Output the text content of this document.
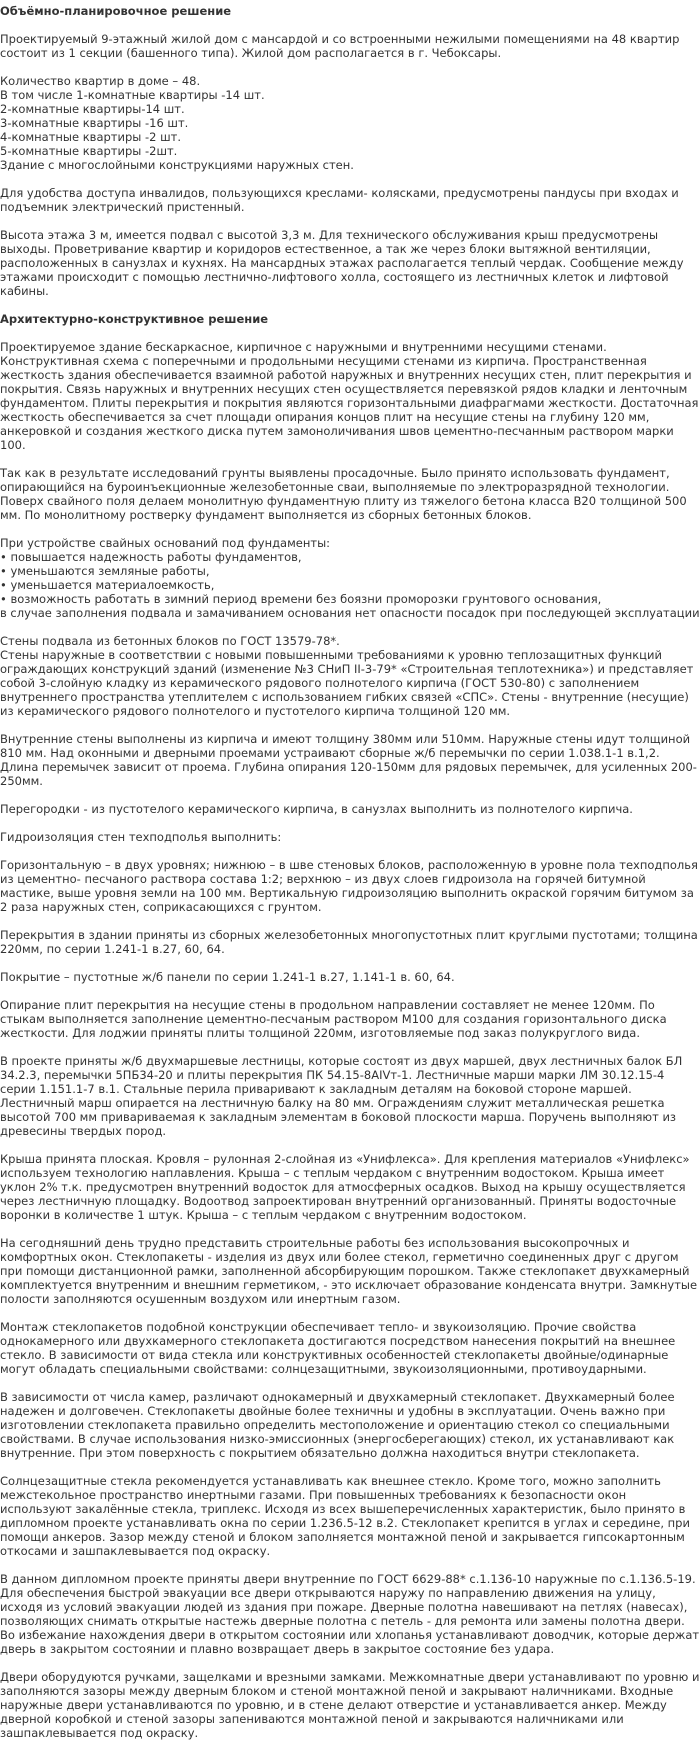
Объёмно-планировочное решение

Проектируемый 9-этажный жилой дом с мансардой и со встроенными нежилыми помещениями на 48 квартир состоит из 1 секции (башенного типа). Жилой дом располагается в г. Чебоксары.

Количество квартир в доме – 48.
В том числе 1-комнатные квартиры -14 шт.
2-комнатные квартиры-14 шт.
3-комнатные квартиры -16 шт.
4-комнатные квартиры -2 шт.
5-комнатные квартиры -2шт.
Здание с многослойными конструкциями наружных стен.

Для удобства доступа инвалидов, пользующихся креслами- колясками, предусмотрены пандусы при входах и подъемник электрический пристенный.

Высота этажа 3 м, имеется подвал с высотой 3,3 м. Для технического обслуживания крыш предусмотрены выходы. Проветривание квартир и коридоров естественное, а так же через блоки вытяжной вентиляции, расположенных в санузлах и кухнях. На мансардных этажах располагается теплый чердак. Сообщение между этажами происходит с помощью лестнично-лифтового холла, состоящего из лестничных клеток и лифтовой кабины.

Архитектурно-конструктивное решение

Проектируемое здание бескаркасное, кирпичное с наружными и внутренними несущими стенами. Конструктивная схема с поперечными и продольными несущими стенами из кирпича. Пространственная жесткость здания обеспечивается взаимной работой наружных и внутренних несущих стен, плит перекрытия и покрытия. Связь наружных и внутренних несущих стен осуществляется перевязкой рядов кладки и ленточным фундаментом. Плиты перекрытия и покрытия являются горизонтальными диафрагмами жесткости. Достаточная жесткость обеспечивается за счет площади опирания концов плит на несущие стены на глубину 120 мм, анкеровкой и создания жесткого диска путем замоноличивания швов цементно-песчанным раствором марки 100.

Так как в результате исследований грунты выявлены просадочные. Было принято использовать фундамент, опирающийся на буроинъекционные железобетонные сваи, выполняемые по электроразрядной технологии. Поверх свайного поля делаем монолитную фундаментную плиту из тяжелого бетона класса В20 толщиной 500 мм. По монолитному ростверку фундамент выполняется из сборных бетонных блоков.

При устройстве свайных оснований под фундаменты:
• повышается надежность работы фундаментов,
• уменьшаются земляные работы,
• уменьшается материалоемкость,
• возможность работать в зимний период времени без боязни проморозки грунтового основания,
в случае заполнения подвала и замачиванием основания нет опасности посадок при последующей эксплуатации

Стены подвала из бетонных блоков по ГОСТ 13579-78*.
Стены наружные в соответствии с новыми повышенными требованиями к уровню теплозащитных функций ограждающих конструкций зданий (изменение №3 СНиП II-3-79* «Строительная теплотехника») и представляет собой 3-слойную кладку из керамического рядового полнотелого кирпича (ГОСТ 530-80) с заполнением внутреннего пространства утеплителем с использованием гибких связей «СПС». Стены - внутренние (несущие) из керамического рядового полнотелого и пустотелого кирпича толщиной 120 мм.

Внутренние стены выполнены из кирпича и имеют толщину 380мм или 510мм. Наружные стены идут толщиной 810 мм. Над оконными и дверными проемами устраивают сборные ж/б перемычки по серии 1.038.1-1 в.1,2. Длина перемычек зависит от проема. Глубина опирания 120-150мм для рядовых перемычек, для усиленных 200-250мм.

Перегородки - из пустотелого керамического кирпича, в санузлах выполнить из полнотелого кирпича.

Гидроизоляция стен техподполья выполнить:

Горизонтальную – в двух уровнях; нижнюю – в шве стеновых блоков, расположенную в уровне пола техподполья из цементно- песчаного раствора состава 1:2; верхнюю – из двух слоев гидроизола на горячей битумной мастике, выше уровня земли на 100 мм. Вертикальную гидроизоляцию выполнить окраской горячим битумом за 2 раза наружных стен, соприкасающихся с грунтом.

Перекрытия в здании приняты из сборных железобетонных многопустотных плит круглыми пустотами; толщина 220мм, по серии 1.241-1 в.27, 60, 64.

Покрытие – пустотные ж/б панели по серии 1.241-1 в.27, 1.141-1 в. 60, 64.

Опирание плит перекрытия на несущие стены в продольном направлении составляет не менее 120мм. По стыкам выполняется заполнение цементно-песчаным раствором М100 для создания горизонтального диска жесткости. Для лоджии приняты плиты толщиной 220мм, изготовляемые под заказ полукруглого вида.

В проекте приняты ж/б двухмаршевые лестницы, которые состоят из двух маршей, двух лестничных балок БЛ 34.2.3, перемычки 5ПБ34-20 и плиты перекрытия ПК 54.15-8AIVт-1. Лестничные марши марки ЛМ 30.12.15-4 серии 1.151.1-7 в.1. Стальные перила приваривают к закладным деталям на боковой стороне маршей. Лестничный марш опирается на лестничную балку на 80 мм. Ограждениям служит металлическая решетка высотой 700 мм привариваемая к закладным элементам в боковой плоскости марша. Поручень выполняют из древесины твердых пород.

Крыша принята плоская. Кровля – рулонная 2-слойная из «Унифлекса». Для крепления материалов «Унифлекс» используем технологию наплавления. Крыша – с теплым чердаком с внутренним водостоком. Крыша имеет уклон 2% т.к. предусмотрен внутренний водосток для атмосферных осадков. Выход на крышу осуществляется через лестничную площадку. Водоотвод запроектирован внутренний организованный. Приняты водосточные воронки в количестве 1 штук. Крыша – с теплым чердаком с внутренним водостоком.

На сегодняшний день трудно представить строительные работы без использования высокопрочных и комфортных окон. Стеклопакеты - изделия из двух или более стекол, герметично соединенных друг с другом при помощи дистанционной рамки, заполненной абсорбирующим порошком. Также стеклопакет двухкамерный комплектуется внутренним и внешним герметиком, - это исключает образование конденсата внутри. Замкнутые полости заполняются осушенным воздухом или инертным газом.

Монтаж стеклопакетов подобной конструкции обеспечивает тепло- и звукоизоляцию. Прочие свойства однокамерного или двухкамерного стеклопакета достигаются посредством нанесения покрытий на внешнее стекло. В зависимости от вида стекла или конструктивных особенностей стеклопакеты двойные/одинарные могут обладать специальными свойствами: солнцезащитными, звукоизоляционными, противоударными.

В зависимости от числа камер, различают однокамерный и двухкамерный стеклопакет. Двухкамерный более надежен и долговечен. Стеклопакеты двойные более техничны и удобны в эксплуатации. Очень важно при изготовлении стеклопакета правильно определить местоположение и ориентацию стекол со специальными свойствами. В случае использования низко-эмиссионных (энергосберегающих) стекол, их устанавливают как внутренние. При этом поверхность с покрытием обязательно должна находиться внутри стеклопакета.

Солнцезащитные стекла рекомендуется устанавливать как внешнее стекло. Кроме того, можно заполнить межстекольное пространство инертными газами. При повышенных требованиях к безопасности окон используют закалённые стекла, триплекс. Исходя из всех вышеперечисленных характеристик, было принято в дипломном проекте устанавливать окна по серии 1.236.5-12 в.2. Стеклопакет крепится в углах и середине, при помощи анкеров. Зазор между стеной и блоком заполняется монтажной пеной и закрывается гипсокартонным откосами и зашпаклевывается под окраску.

В данном дипломном проекте приняты двери внутренние по ГОСТ 6629-88* с.1.136-10 наружные по с.1.136.5-19. Для обеспечения быстрой эвакуации все двери открываются наружу по направлению движения на улицу, исходя из условий эвакуации людей из здания при пожаре. Дверные полотна навешивают на петлях (навесах), позволяющих снимать открытые настежь дверные полотна с петель - для ремонта или замены полотна двери. Во избежание нахождения двери в открытом состоянии или хлопанья устанавливают доводчик, которые держат дверь в закрытом состоянии и плавно возвращает дверь в закрытое состояние без удара.

Двери оборудуются ручками, защелками и врезными замками. Межкомнатные двери устанавливают по уровню и заполняются зазоры между дверным блоком и стеной монтажной пеной и закрывают наличниками. Входные наружные двери устанавливаются по уровню, и в стене делают отверстие и устанавливается анкер. Между дверной коробкой и стеной зазоры запениваются монтажной пеной и закрываются наличниками или зашпаклевывается под окраску.
